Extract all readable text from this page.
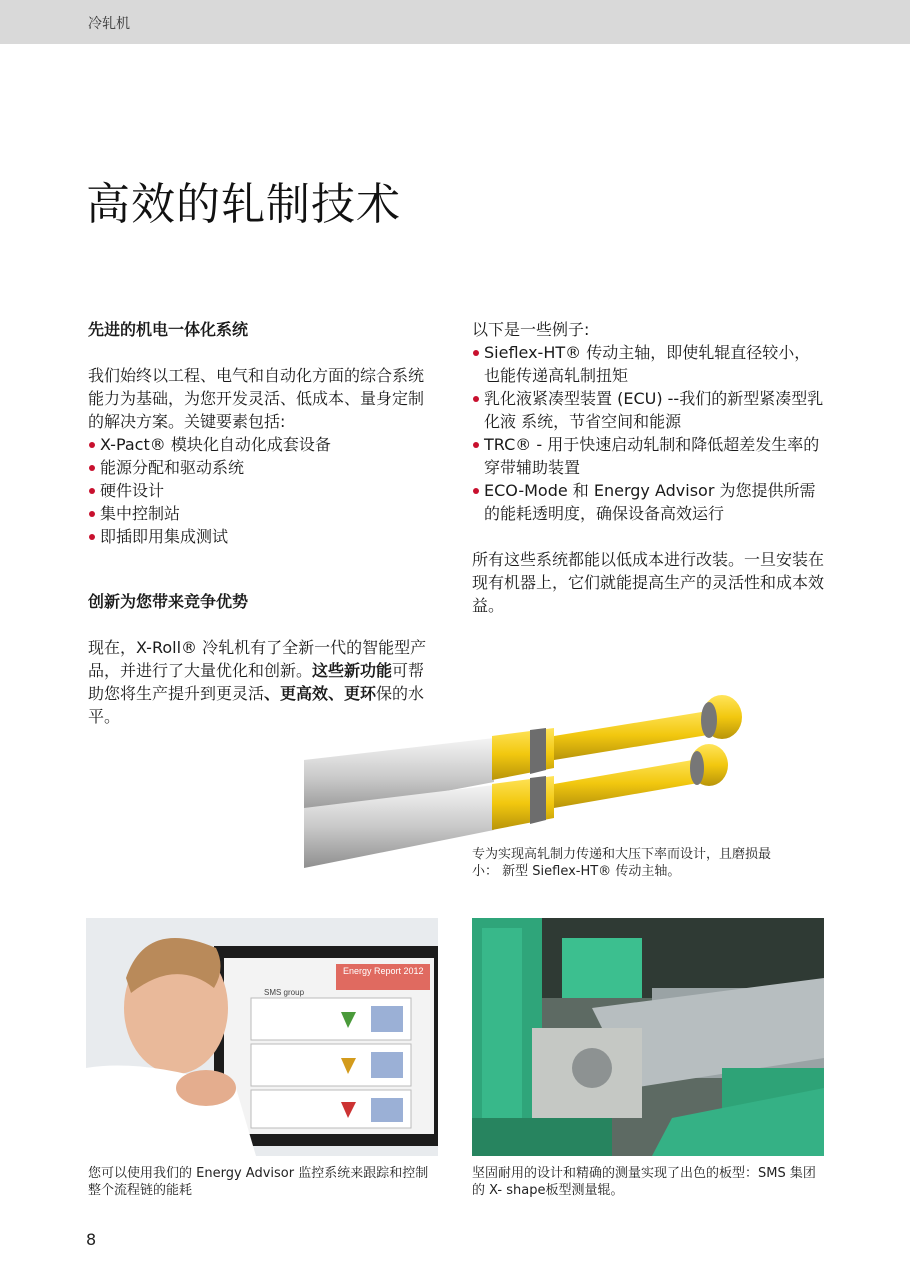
冷轧机
高效的轧制技术
先进的机电一体化系统

我们始终以工程、电气和自动化方面的综合系统能力为基础，为您开发灵活、低成本、量身定制的解决方案。关键要素包括:

X-Pact® 模块化自动化成套设备
能源分配和驱动系统
硬件设计
集中控制站
即插即用集成测试
创新为您带来竞争优势

现在，X-Roll® 冷轧机有了全新一代的智能型产品，并进行了大量优化和创新。这些新功能可帮助您将生产提升到更灵活、更高效、更环保的水平。

以下是一些例子:

Sieflex-HT® 传动主轴，即使轧辊直径较小，也能传递高轧制扭矩
乳化液紧凑型装置 (ECU) --我们的新型紧凑型乳化液 系统，节省空间和能源
TRC® - 用于快速启动轧制和降低超差发生率的穿带辅助装置
ECO-Mode 和 Energy Advisor 为您提供所需的能耗透明度，确保设备高效运行

所有这些系统都能以低成本进行改装。一旦安装在现有机器上，它们就能提高生产的灵活性和成本效益。

专为实现高轧制力传递和大压下率而设计，且磨损最小： 新型 Sieflex-HT® 传动主轴。
Energy Report 2012
SMS group
您可以使用我们的 Energy Advisor 监控系统来跟踪和控制整个流程链的能耗
坚固耐用的设计和精确的测量实现了出色的板型：SMS 集团的 X- shape板型测量辊。
8
